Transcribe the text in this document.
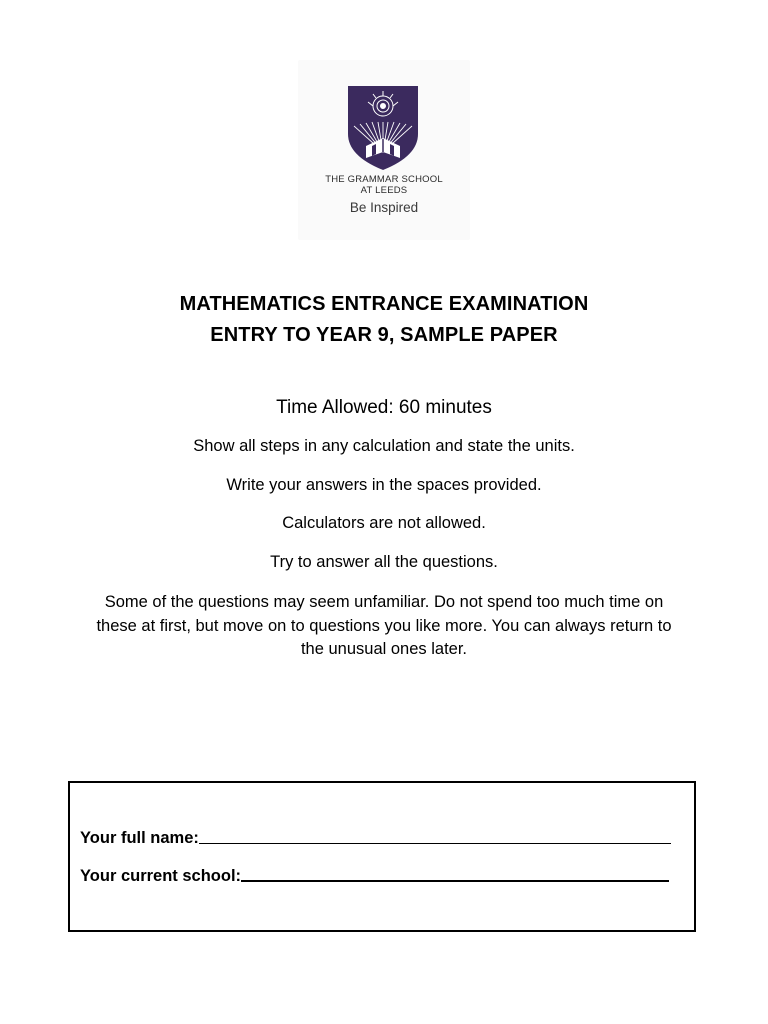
THE GRAMMAR SCHOOL
AT LEEDS
Be Inspired
MATHEMATICS ENTRANCE EXAMINATION
ENTRY TO YEAR 9, SAMPLE PAPER
Time Allowed: 60 minutes
Show all steps in any calculation and state the units.
Write your answers in the spaces provided.
Calculators are not allowed.
Try to answer all the questions.
Some of the questions may seem unfamiliar. Do not spend too much time on these at first, but move on to questions you like more. You can always return to the unusual ones later.
Your full name:
Your current school:
